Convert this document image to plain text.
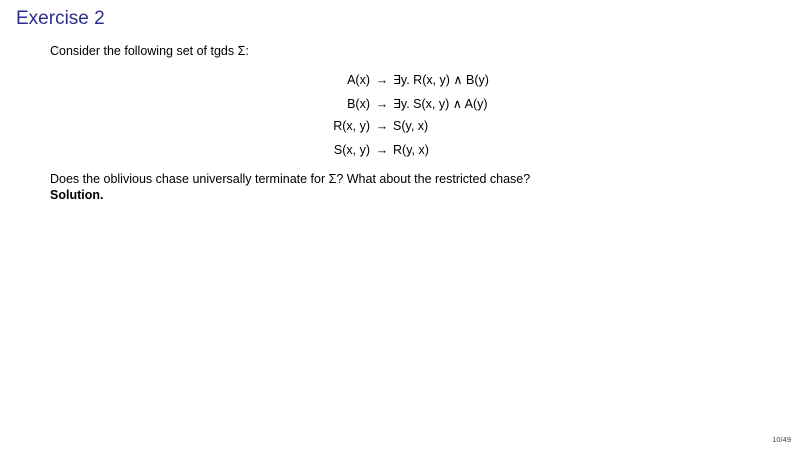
Exercise 2
Consider the following set of tgds Σ:
A(x) → ∃y. R(x, y) ∧ B(y)
B(x) → ∃y. S(x, y) ∧ A(y)
R(x, y) → S(y, x)
S(x, y) → R(y, x)
Does the oblivious chase universally terminate for Σ? What about the restricted chase?
Solution.
10/49
